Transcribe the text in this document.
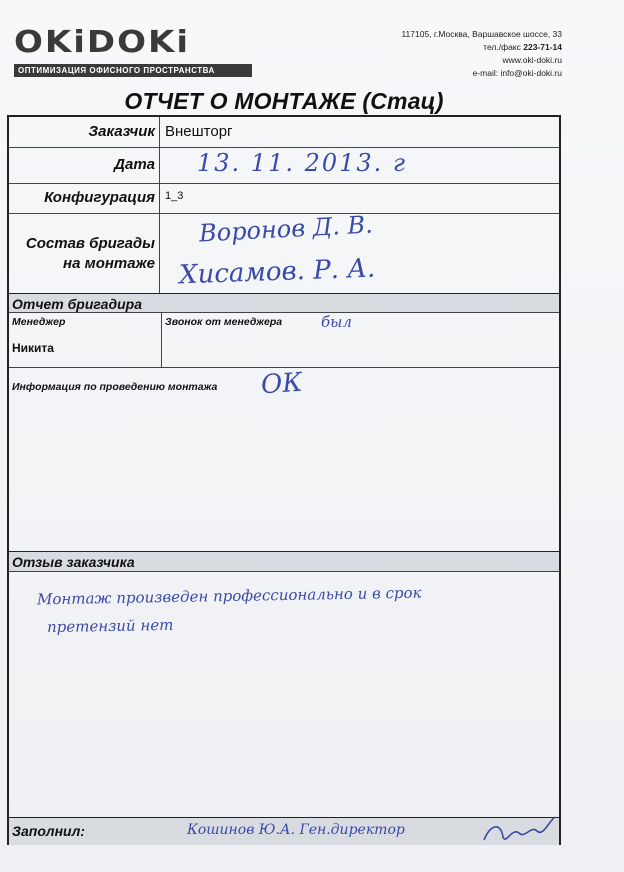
OKiDOKi
ОПТИМИЗАЦИЯ ОФИСНОГО ПРОСТРАНСТВА
117105, г.Москва, Варшавское шоссе, 33
тел./факс 223-71-14
www.oki-doki.ru
e-mail: info@oki-doki.ru
ОТЧЕТ О МОНТАЖЕ (Стац)
Заказчик Внешторг
Дата 13. 11. 2013. г
Конфигурация 1_3
Состав бригады
на монтаже
Воронов Д. В.
Хисамов. Р. А.
Отчет бригадира
Менеджер
Никита
Звонок от менеджера	был
Информация по проведению монтажа ОК
Отзыв заказчика
Монтаж произведен профессионально и в срок
претензий нет
Заполнил:	Кошинов Ю.А. Ген.директор
